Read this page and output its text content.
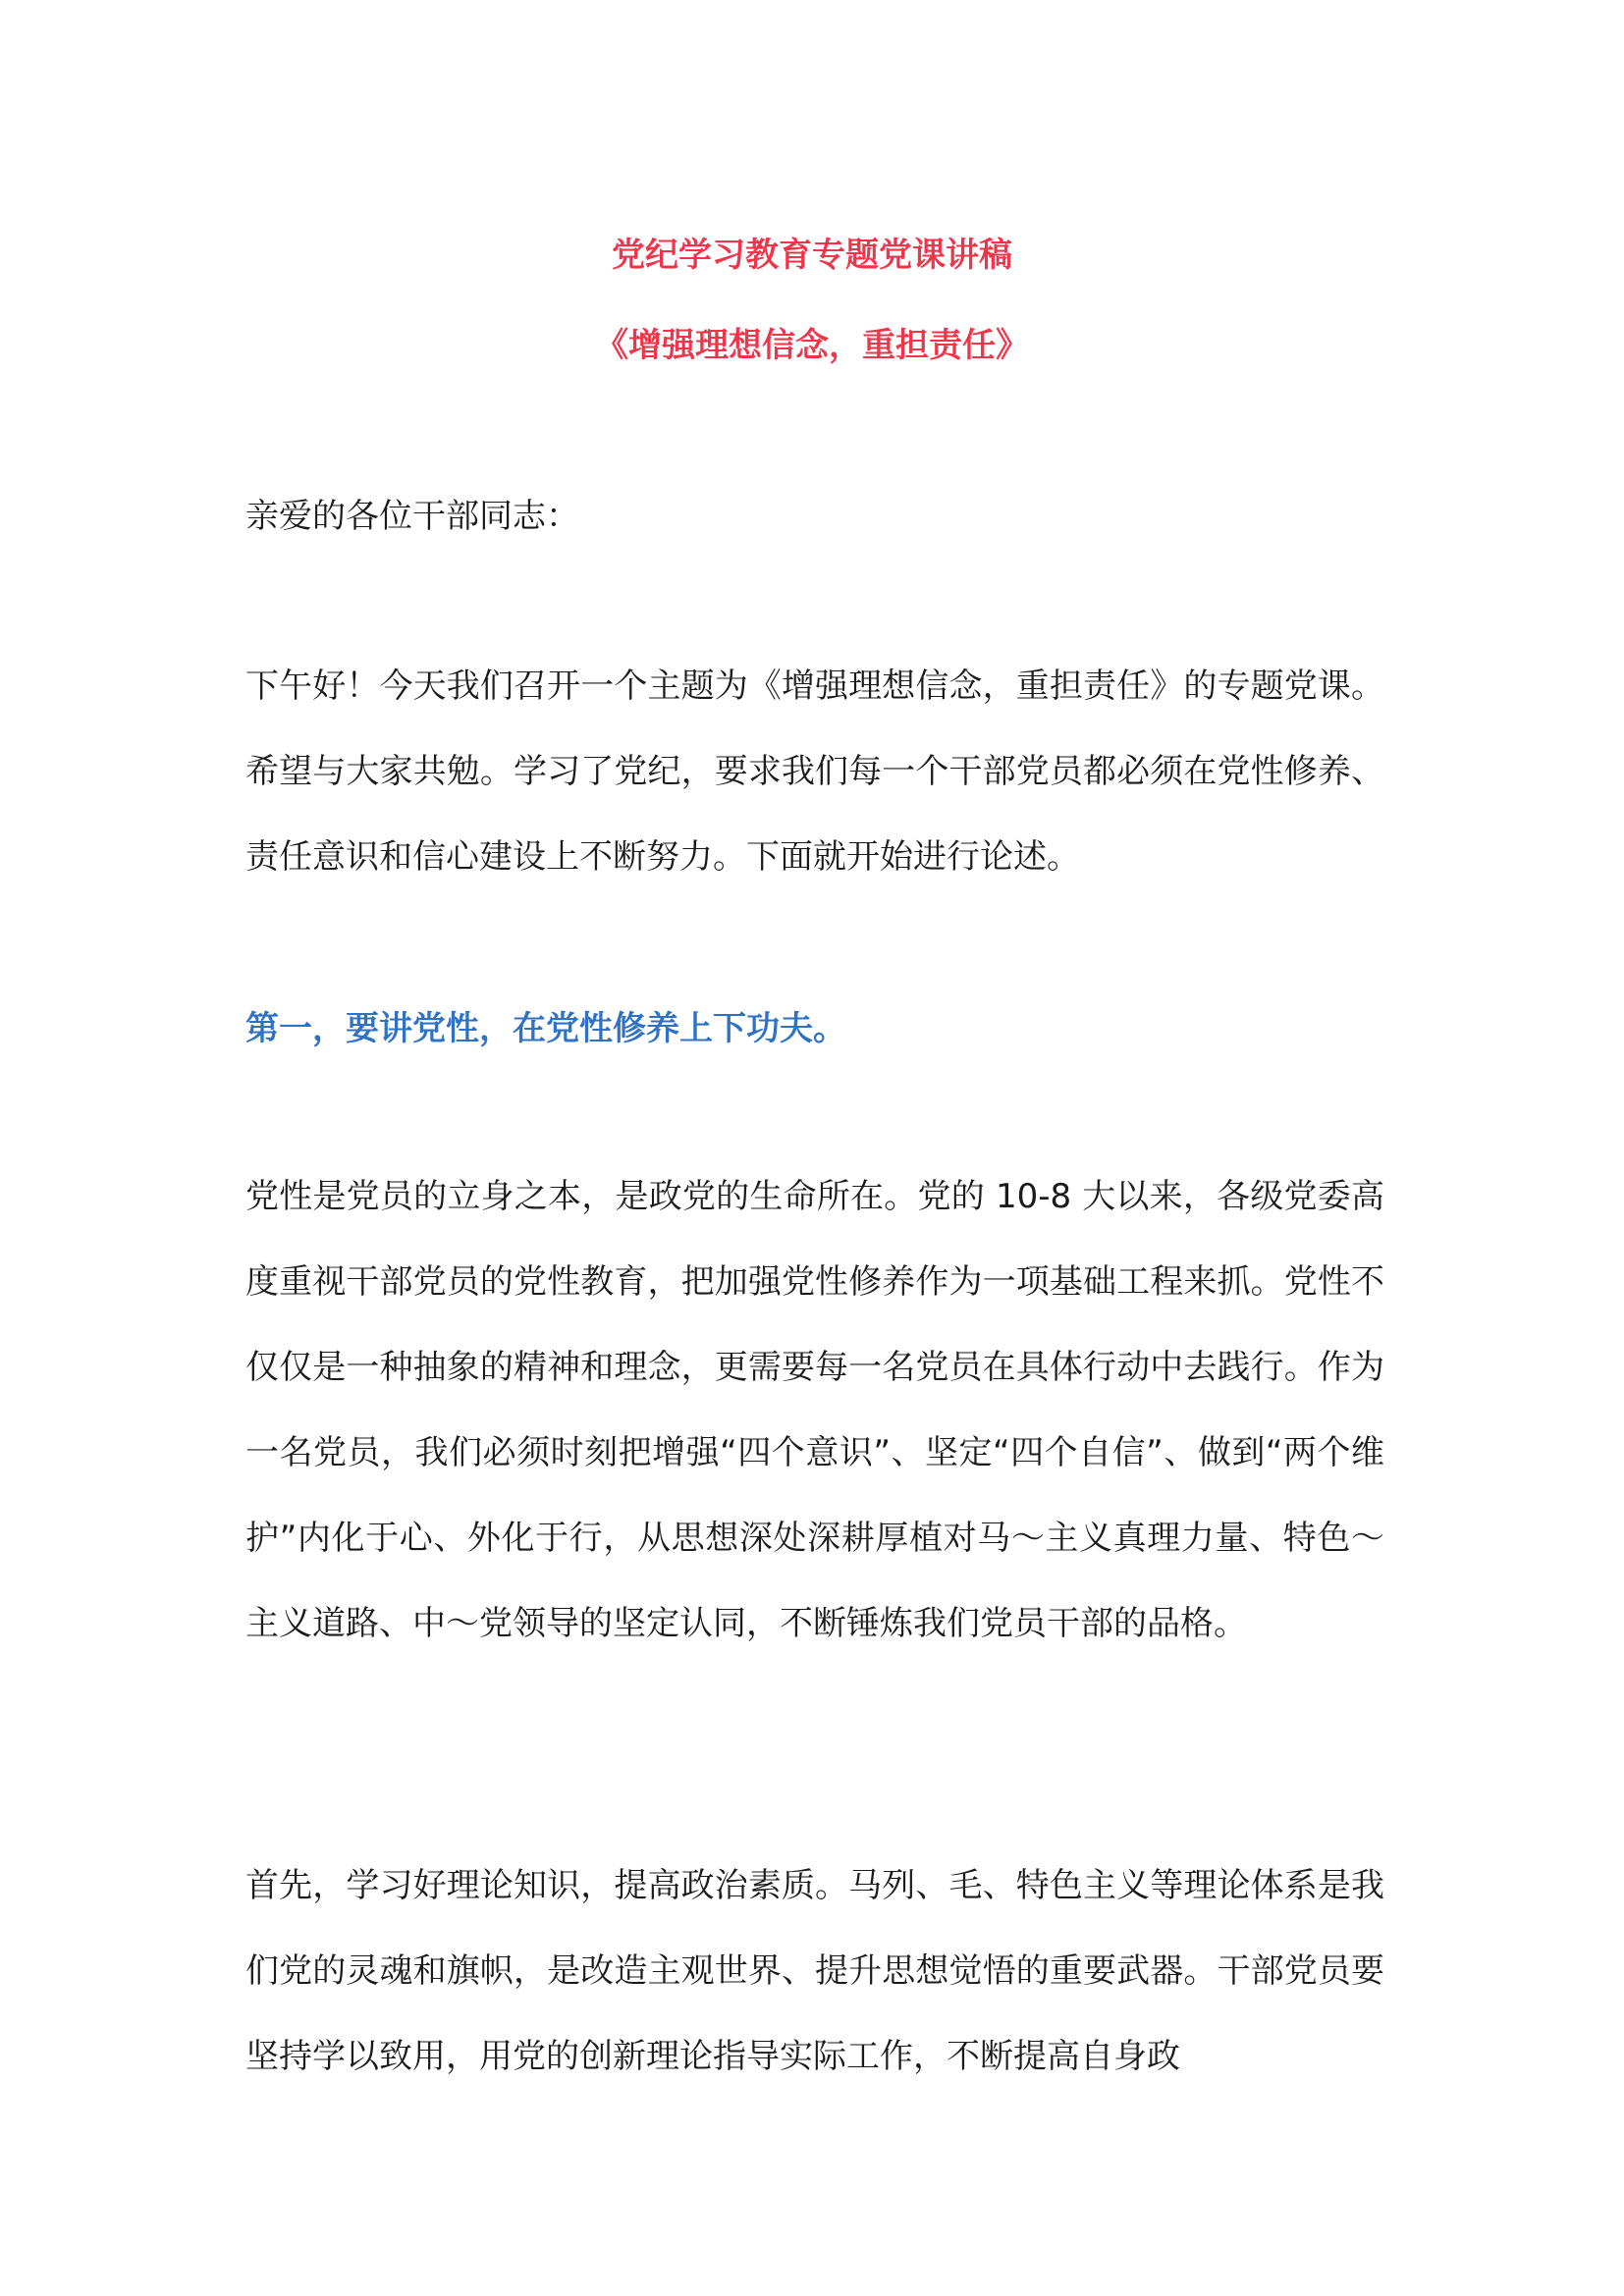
党纪学习教育专题党课讲稿
《增强理想信念，重担责任》

亲爱的各位干部同志：

下午好！今天我们召开一个主题为《增强理想信念，重担责任》的专题党课。希望与大家共勉。学习了党纪，要求我们每一个干部党员都必须在党性修养、责任意识和信心建设上不断努力。下面就开始进行论述。

第一，要讲党性，在党性修养上下功夫。

党性是党员的立身之本，是政党的生命所在。党的 10-8 大以来，各级党委高度重视干部党员的党性教育，把加强党性修养作为一项基础工程来抓。党性不仅仅是一种抽象的精神和理念，更需要每一名党员在具体行动中去践行。作为一名党员，我们必须时刻把增强“四个意识”、坚定“四个自信”、做到“两个维护”内化于心、外化于行，从思想深处深耕厚植对马～主义真理力量、特色～主义道路、中～党领导的坚定认同，不断锤炼我们党员干部的品格。

首先，学习好理论知识，提高政治素质。马列、毛、特色主义等理论体系是我们党的灵魂和旗帜，是改造主观世界、提升思想觉悟的重要武器。干部党员要坚持学以致用，用党的创新理论指导实际工作，不断提高自身政
